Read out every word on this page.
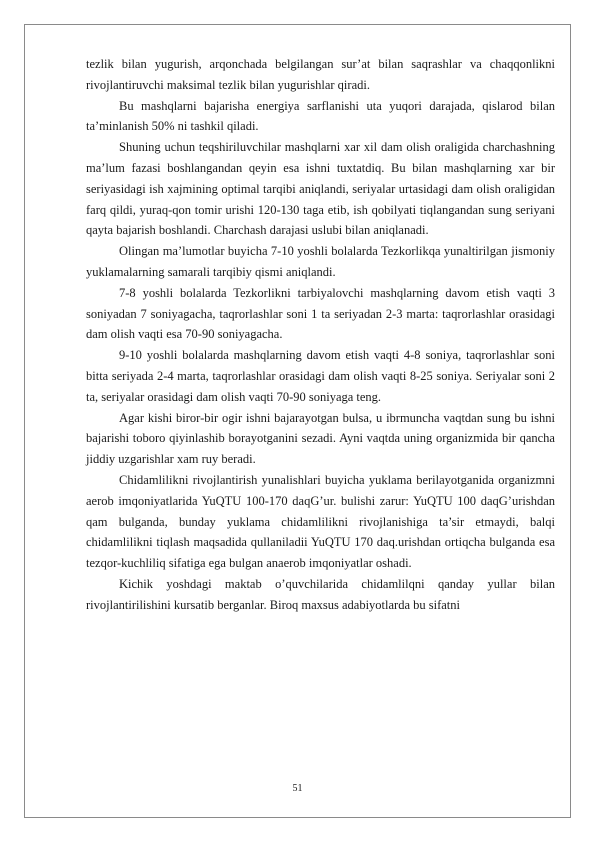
tezlik bilan yugurish, arqonchada belgilangan sur’at bilan saqrashlar va chaqqonlikni rivojlantiruvchi maksimal tezlik bilan yugurishlar qiradi.

Bu mashqlarni bajarisha energiya sarflanishi uta yuqori darajada, qislarod bilan ta’minlanish 50% ni tashkil qiladi.

Shuning uchun teqshiriluvchilar mashqlarni xar xil dam olish oraligida charchashning ma’lum fazasi boshlangandan qeyin esa ishni tuxtatdiq. Bu bilan mashqlarning xar bir seriyasidagi ish xajmining optimal tarqibi aniqlandi, seriyalar urtasidagi dam olish oraligidan farq qildi, yuraq-qon tomir urishi 120-130 taga etib, ish qobilyati tiqlangandan sung seriyani qayta bajarish boshlandi. Charchash darajasi uslubi bilan aniqlanadi.

Olingan ma’lumotlar buyicha 7-10 yoshli bolalarda Tezkorlikqa yunaltirilgan jismoniy yuklamalarning samarali tarqibiy qismi aniqlandi.

7-8 yoshli bolalarda Tezkorlikni tarbiyalovchi mashqlarning davom etish vaqti 3 soniyadan 7 soniyagacha, taqrorlashlar soni 1 ta seriyadan 2-3 marta: taqrorlashlar orasidagi dam olish vaqti esa 70-90 soniyagacha.

9-10 yoshli bolalarda mashqlarning davom etish vaqti 4-8 soniya, taqrorlashlar soni bitta seriyada 2-4 marta, taqrorlashlar orasidagi dam olish vaqti 8-25 soniya. Seriyalar soni 2 ta, seriyalar orasidagi dam olish vaqti 70-90 soniyaga teng.

Agar kishi biror-bir ogir ishni bajarayotgan bulsa, u ibrmuncha vaqtdan sung bu ishni bajarishi toboro qiyinlashib borayotganini sezadi. Ayni vaqtda uning organizmida bir qancha jiddiy uzgarishlar xam ruy beradi.

Chidamlilikni rivojlantirish yunalishlari buyicha yuklama berilayotganida organizmni aerob imqoniyatlarida YuQTU 100-170 daqG’ur. bulishi zarur: YuQTU 100 daqG’urishdan qam bulganda, bunday yuklama chidamlilikni rivojlanishiga ta’sir etmaydi, balqi chidamlilikni tiqlash maqsadida qullaniladii YuQTU 170 daq.urishdan ortiqcha bulganda esa tezqor-kuchliliq sifatiga ega bulgan anaerob imqoniyatlar oshadi.

Kichik yoshdagi maktab o’quvchilarida chidamlilqni qanday yullar bilan rivojlantirilishini kursatib berganlar. Biroq maxsus adabiyotlarda bu sifatni

51
